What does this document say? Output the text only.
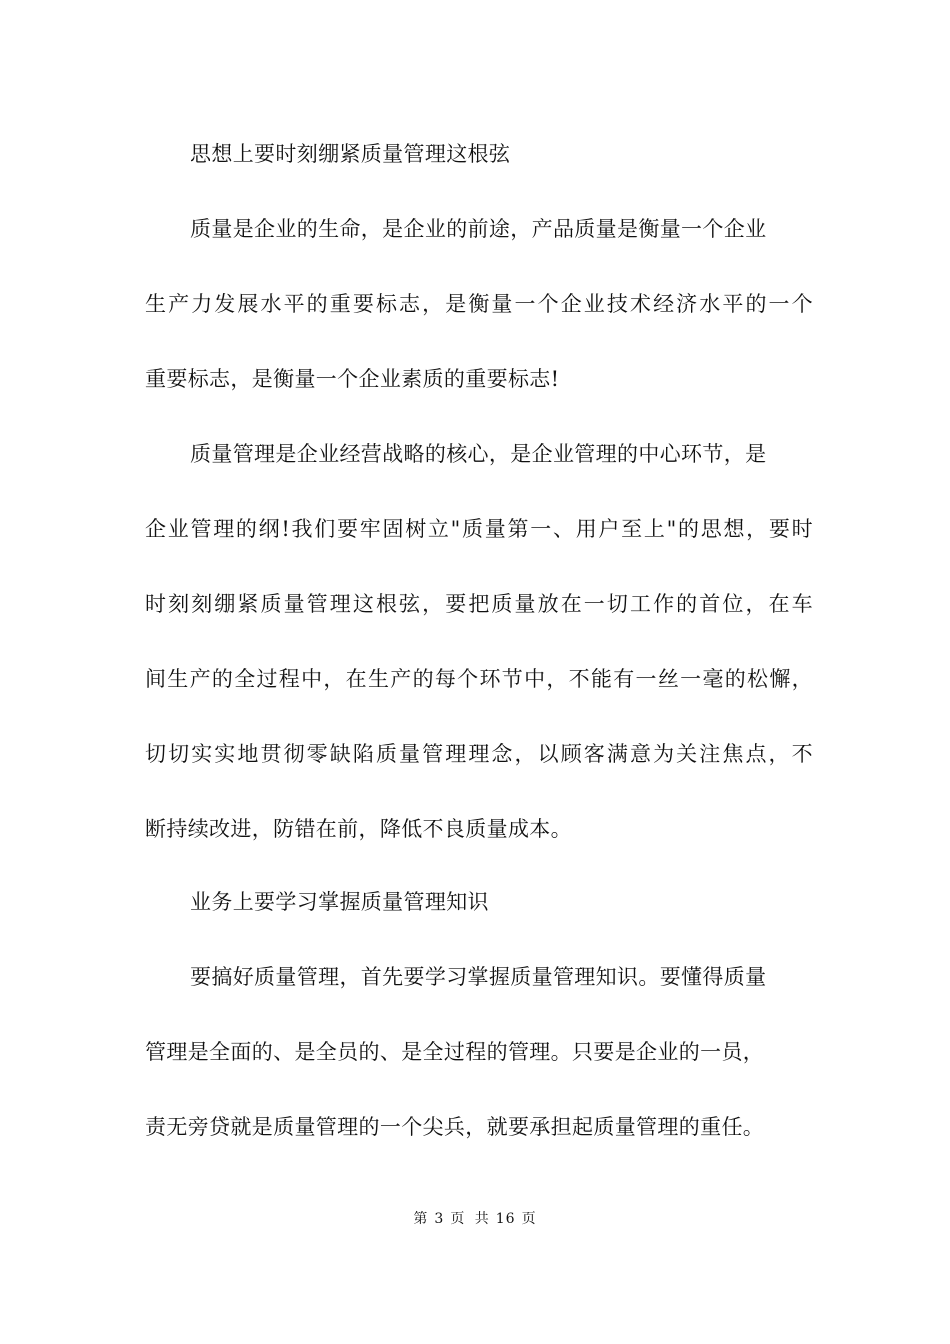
思想上要时刻绷紧质量管理这根弦
质量是企业的生命，是企业的前途，产品质量是衡量一个企业
生产力发展水平的重要标志，是衡量一个企业技术经济水平的一个
重要标志，是衡量一个企业素质的重要标志!
质量管理是企业经营战略的核心，是企业管理的中心环节，是
企业管理的纲!我们要牢固树立"质量第一、用户至上"的思想，要时
时刻刻绷紧质量管理这根弦，要把质量放在一切工作的首位，在车
间生产的全过程中，在生产的每个环节中，不能有一丝一毫的松懈，
切切实实地贯彻零缺陷质量管理理念，以顾客满意为关注焦点，不
断持续改进，防错在前，降低不良质量成本。
业务上要学习掌握质量管理知识
要搞好质量管理，首先要学习掌握质量管理知识。要懂得质量
管理是全面的、是全员的、是全过程的管理。只要是企业的一员，
责无旁贷就是质量管理的一个尖兵，就要承担起质量管理的重任。
第 3 页 共 16 页
